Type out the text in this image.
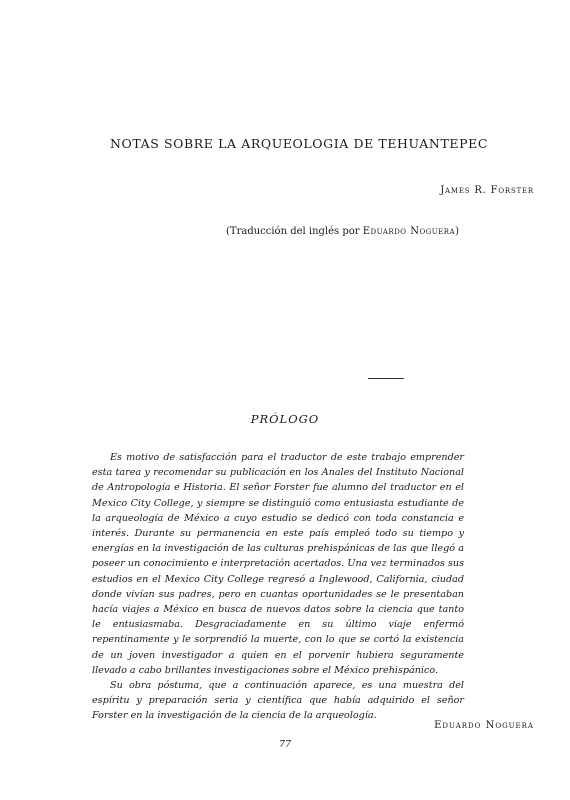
NOTAS SOBRE LA ARQUEOLOGIA DE TEHUANTEPEC
James R. Forster
(Traducción del inglés por Eduardo Noguera)
PRÓLOGO

Es motivo de satisfacción para el traductor de este trabajo emprender esta tarea y recomendar su publicación en los Anales del Instituto Nacional de Antropología e Historia. El señor Forster fue alumno del traductor en el Mexico City College, y siempre se distinguió como entusiasta estudiante de la arqueología de México a cuyo estudio se dedicó con toda constancia e interés. Durante su permanencia en este país empleó todo su tiempo y energías en la investigación de las culturas prehispánicas de las que llegó a poseer un conocimiento e interpretación acertados. Una vez terminados sus estudios en el Mexico City College regresó a Inglewood, California, ciudad donde vivían sus padres, pero en cuantas oportunidades se le presentaban hacía viajes a México en busca de nuevos datos sobre la ciencia que tanto le entusiasmaba. Desgraciadamente en su último viaje enfermó repentinamente y le sorprendió la muerte, con lo que se cortó la existencia de un joven investigador a quien en el porvenir hubiera seguramente llevado a cabo brillantes investigaciones sobre el México prehispánico.

Su obra póstuma, que a continuación aparece, es una muestra del espíritu y preparación seria y científica que había adquirido el señor Forster en la investigación de la ciencia de la arqueología.

Eduardo Noguera
77
